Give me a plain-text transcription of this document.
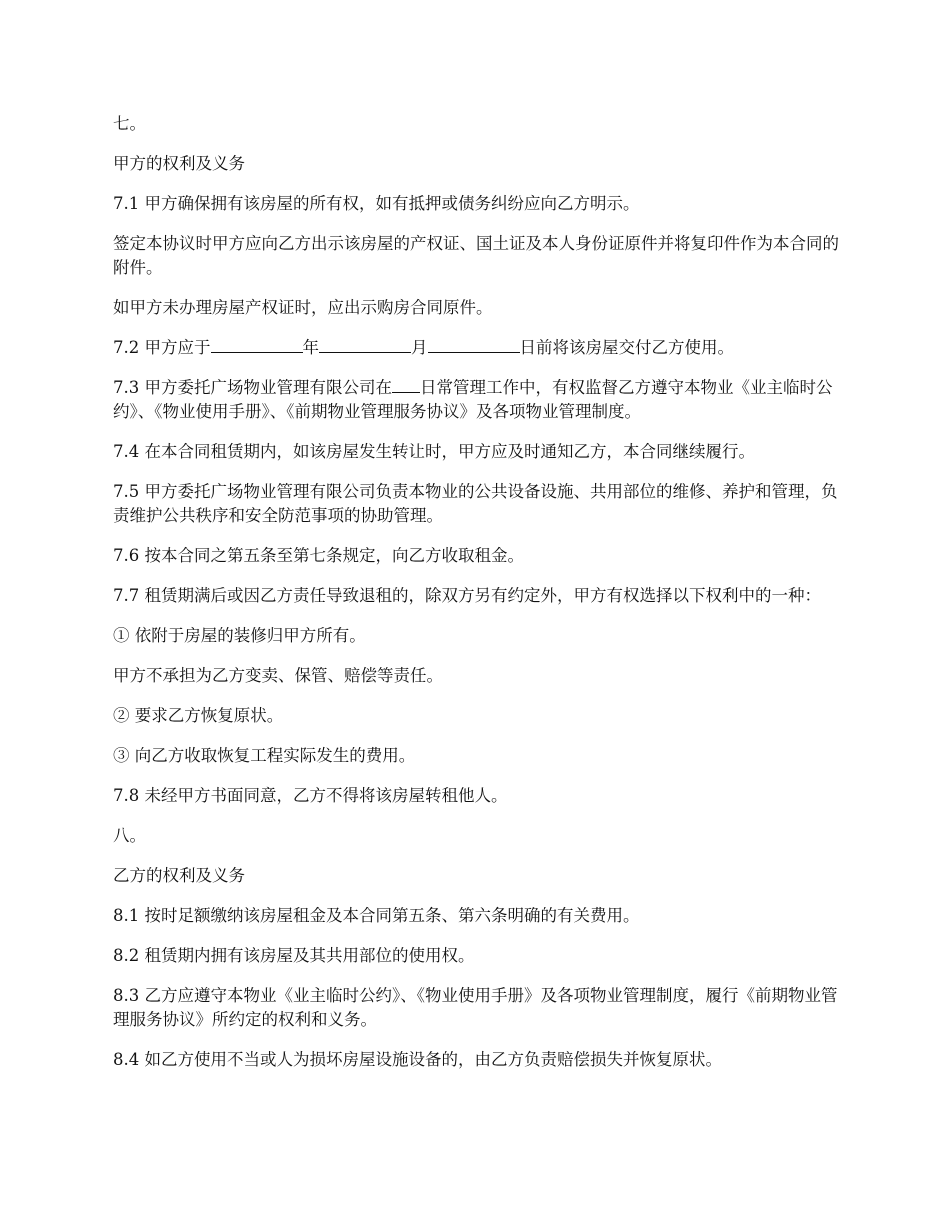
七。

甲方的权利及义务

7.1 甲方确保拥有该房屋的所有权，如有抵押或债务纠纷应向乙方明示。

签定本协议时甲方应向乙方出示该房屋的产权证、国土证及本人身份证原件并将复印件作为本合同的附件。

如甲方未办理房屋产权证时，应出示购房合同原件。

7.2 甲方应于	年	月	日前将该房屋交付乙方使用。

7.3 甲方委托广场物业管理有限公司在 日常管理工作中，有权监督乙方遵守本物业《业主临时公约》、《物业使用手册》、《前期物业管理服务协议》及各项物业管理制度。

7.4 在本合同租赁期内，如该房屋发生转让时，甲方应及时通知乙方，本合同继续履行。

7.5 甲方委托广场物业管理有限公司负责本物业的公共设备设施、共用部位的维修、养护和管理，负责维护公共秩序和安全防范事项的协助管理。

7.6 按本合同之第五条至第七条规定，向乙方收取租金。

7.7 租赁期满后或因乙方责任导致退租的，除双方另有约定外，甲方有权选择以下权利中的一种：

① 依附于房屋的装修归甲方所有。

甲方不承担为乙方变卖、保管、赔偿等责任。

② 要求乙方恢复原状。

③ 向乙方收取恢复工程实际发生的费用。

7.8 未经甲方书面同意，乙方不得将该房屋转租他人。

八。

乙方的权利及义务

8.1 按时足额缴纳该房屋租金及本合同第五条、第六条明确的有关费用。

8.2 租赁期内拥有该房屋及其共用部位的使用权。

8.3 乙方应遵守本物业《业主临时公约》、《物业使用手册》及各项物业管理制度，履行《前期物业管理服务协议》所约定的权利和义务。

8.4 如乙方使用不当或人为损坏房屋设施设备的，由乙方负责赔偿损失并恢复原状。
